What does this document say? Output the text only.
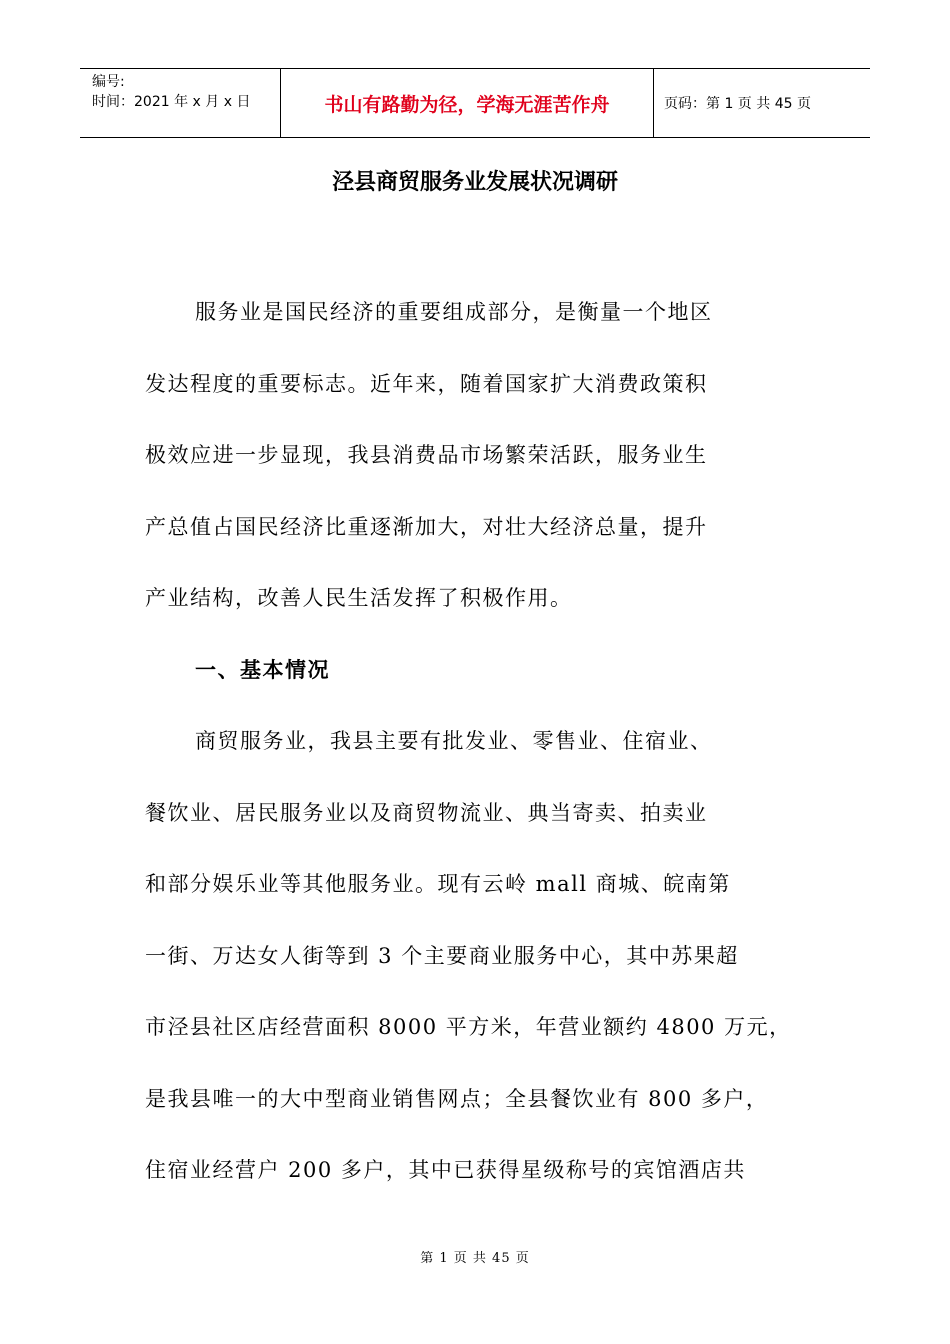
编号:
时间：2021 年 x 月 x 日	书山有路勤为径，学海无涯苦作舟	页码：第 1 页 共 45 页
泾县商贸服务业发展状况调研
服务业是国民经济的重要组成部分，是衡量一个地区
发达程度的重要标志。近年来，随着国家扩大消费政策积
极效应进一步显现，我县消费品市场繁荣活跃，服务业生
产总值占国民经济比重逐渐加大，对壮大经济总量，提升
产业结构，改善人民生活发挥了积极作用。
一、基本情况
商贸服务业，我县主要有批发业、零售业、住宿业、
餐饮业、居民服务业以及商贸物流业、典当寄卖、拍卖业
和部分娱乐业等其他服务业。现有云岭 mall 商城、皖南第
一街、万达女人街等到 3 个主要商业服务中心，其中苏果超
市泾县社区店经营面积 8000 平方米，年营业额约 4800 万元，
是我县唯一的大中型商业销售网点；全县餐饮业有 800 多户，
住宿业经营户 200 多户，其中已获得星级称号的宾馆酒店共
第 1 页 共 45 页
